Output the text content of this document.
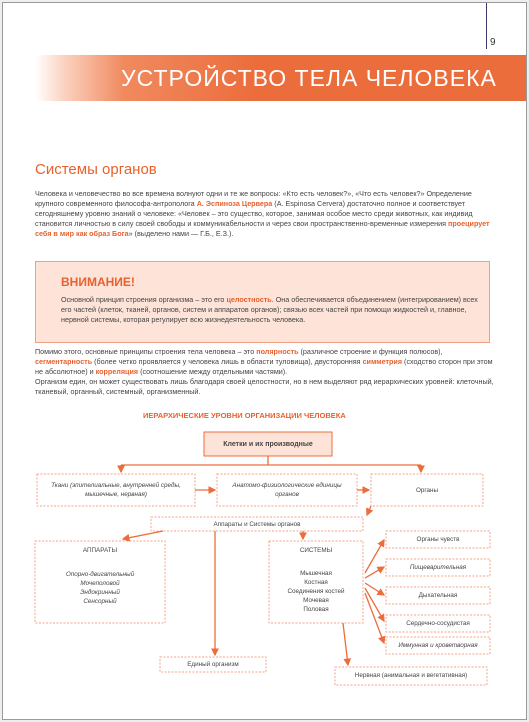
9
УСТРОЙСТВО ТЕЛА ЧЕЛОВЕКА
Системы органов
Человека и человечество во все времена волнуют одни и те же вопросы: «Кто есть человек?», «Что есть человек?» Определение крупного современного философа-антрополога А. Эспиноза Цервера (A. Espinosa Cervera) достаточно полное и соответствует сегодняшнему уровню знаний о человеке: «Человек – это существо, которое, занимая особое место среди животных, как индивид становится личностью в силу своей свободы и коммуникабельности и через свои пространственно-временные измерения проецирует себя в мир как образ Бога» (выделено нами — Г.Б., Е.З.).
ВНИМАНИЕ!
Основной принцип строения организма – это его целостность. Она обеспечивается объединением (интегрированием) всех его частей (клеток, тканей, органов, систем и аппаратов органов); связью всех частей при помощи жидкостей и, главное, нервной системы, которая регулирует всю жизнедеятельность человека.
Помимо этого, основные принципы строения тела человека – это полярность (различное строение и функция полюсов), сегментарность (более четко проявляется у человека лишь в области туловища), двусторонняя симметрия (сходство сторон при этом не абсолютное) и корреляция (соотношение между отдельными частями).
Организм един, он может существовать лишь благодаря своей целостности, но в нем выделяют ряд иерархических уровней: клеточный, тканевый, органный, системный, организменный.
ИЕРАРХИЧЕСКИЕ УРОВНИ ОРГАНИЗАЦИИ ЧЕЛОВЕКА
Клетки и их производные
Ткани (эпителиальные, внутренней среды, мышечные, нервная)
Анатомо-физиологические единицы органов
Органы
Аппараты и Системы органов
АППАРАТЫ
Опорно-двигательный
Мочеполовой
Эндокринный
Сенсорный
СИСТЕМЫ
Мышечная
Костная
Соединения костей
Мочевая
Половая
Органы чувств
Пищеварительная
Дыхательная
Сердечно-сосудистая
Иммунная и кроветворная
Единый организм
Нервная (анимальная и вегетативная)
